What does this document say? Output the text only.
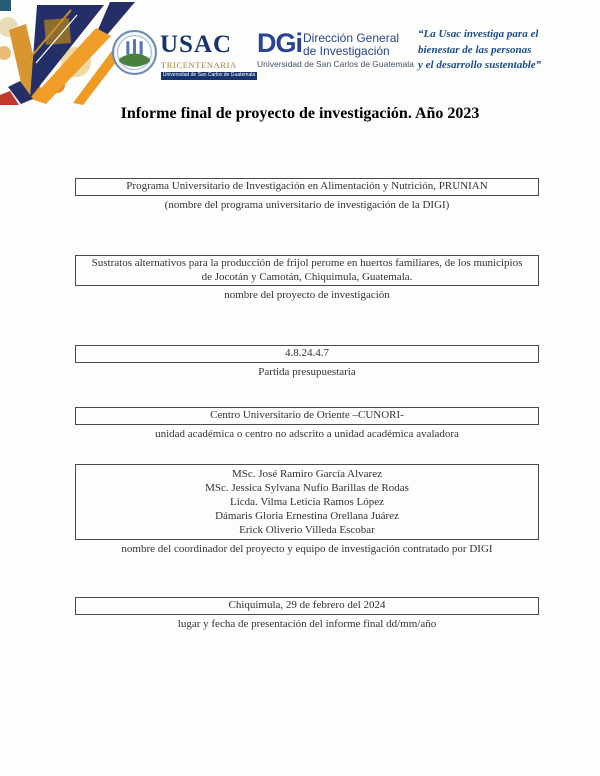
USAC
TRICENTENARIA
Universidad de San Carlos de Guatemala
DGi Dirección General
de Investigación
Universidad de San Carlos de Guatemala
“La Usac investiga para el
bienestar de las personas
y el desarrollo sustentable”
Informe final de proyecto de investigación. Año 2023
Programa Universitario de Investigación en Alimentación y Nutrición, PRUNIAN
(nombre del programa universitario de investigación de la DIGI)
Sustratos alternativos para la producción de frijol perome en huertos familiares, de los municipios de Jocotán y Camotán, Chiquimula, Guatemala.
nombre del proyecto de investigación
4.8.24.4.7
Partida presupuestaria
Centro Universitario de Oriente –CUNORI-
unidad académica o centro no adscrito a unidad académica avaladora
MSc. José Ramiro García Alvarez
MSc. Jessica Sylvana Nufio Barillas de Rodas
Licda. Vilma Leticia Ramos López
Dámaris Gloria Ernestina Orellana Juárez
Erick Oliverio Villeda Escobar
nombre del coordinador del proyecto y equipo de investigación contratado por DIGI
Chiquimula, 29 de febrero del 2024
lugar y fecha de presentación del informe final dd/mm/año
